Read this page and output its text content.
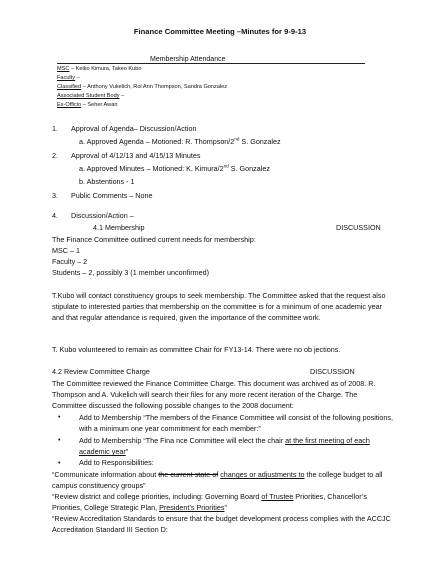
Finance Committee Meeting –Minutes for 9-9-13
Membership Attendance
MSC – Keiko Kimura, Takeo Kubo
Faculty –
Classified – Anthony Vukelich, Roi Ann Thompson, Sandra Gonzalez
Associated Student Body –
Ex-Officio – Seher Awan
1. Approval of Agenda– Discussion/Action
a. Approved Agenda – Motioned: R. Thompson/2nd S. Gonzalez
2. Approval of 4/12/13 and 4/15/13 Minutes
a. Approved Minutes – Motioned: K. Kimura/2nd S. Gonzalez
b. Abstentions - 1
3. Public Comments – None
4. Discussion/Action –
4.1 Membership	DISCUSSION
The Finance Committee outlined current needs for membership:
MSC – 1
Faculty – 2
Students – 2, possibly 3 (1 member unconfirmed)
T.Kubo will contact constituency groups to seek membership. The Committee asked that the request also stipulate to interested parties that membership on the committee is for a minimum of one academic year and that regular attendance is required, given the importance of the committee work.
T. Kubo volunteered to remain as committee Chair for FY13-14. There were no ob jections.
4.2 Review Committee Charge	DISCUSSION
The Committee reviewed the Finance Committee Charge. This document was archived as of 2008. R. Thompson and A. Vukelich will search their files for any more recent iteration of the Charge. The Committee discussed the following possible changes to the 2008 document:
•	Add to Membership “The members of the Finance Committee will consist of the following positions, with a minimum one year commitment for each member:”
•	Add to Membership “The Fina nce Committee will elect the chair at the first meeting of each academic year”
•	Add to Responsibilities:
“Communicate information about the current state of changes or adjustments to the college budget to all campus constituency groups”
“Review district and college priorities, including: Governing Board of Trustee Priorities, Chancellor’s Priorities, College Strategic Plan, President’s Priorities”
“Review Accreditation Standards to ensure that the budget development process complies with the ACCJC Accreditation Standard III Section D:
